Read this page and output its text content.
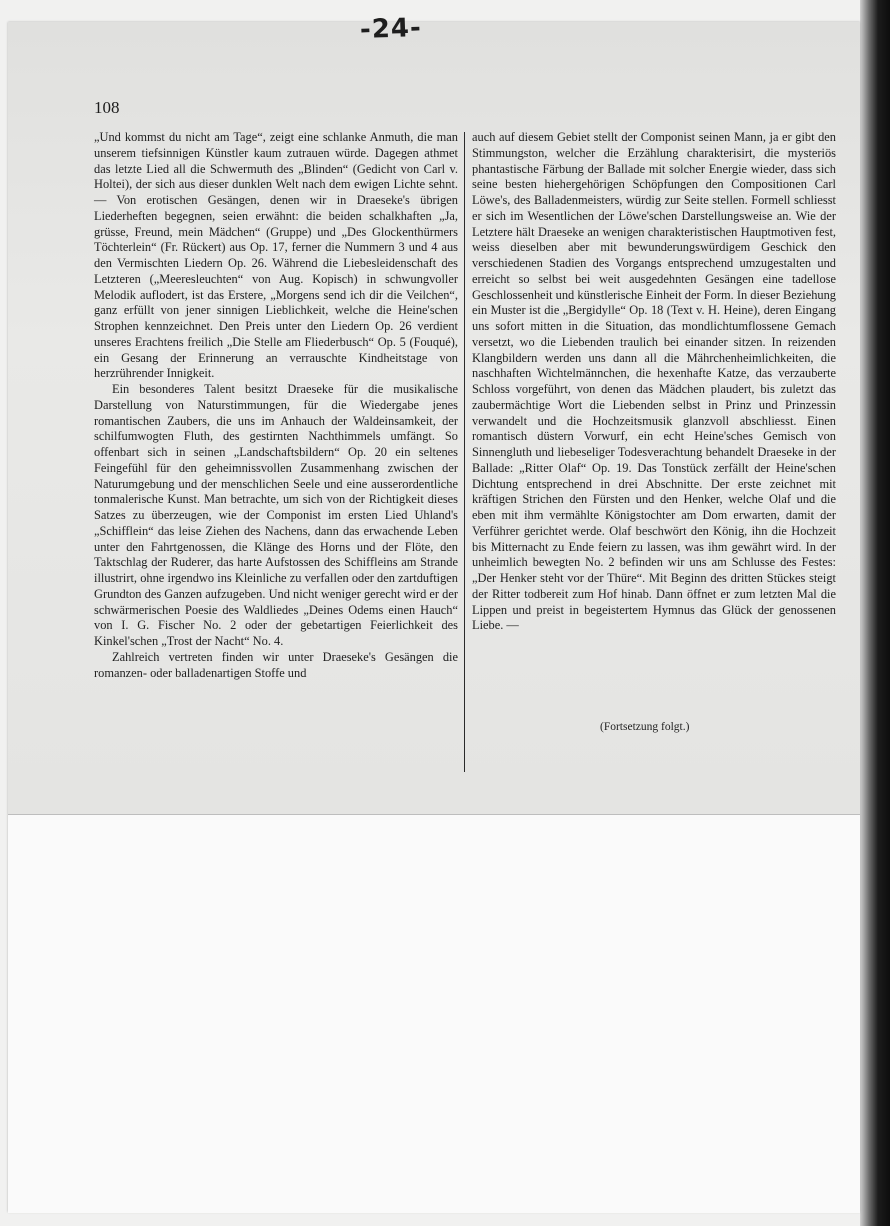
-24-
108

„Und kommst du nicht am Tage“, zeigt eine schlanke Anmuth, die man unserem tiefsinnigen Künstler kaum zutrauen würde. Dagegen athmet das letzte Lied all die Schwermuth des „Blinden“ (Gedicht von Carl v. Holtei), der sich aus dieser dunklen Welt nach dem ewigen Lichte sehnt. — Von erotischen Gesängen, denen wir in Draeseke's übrigen Liederheften begegnen, seien erwähnt: die beiden schalkhaften „Ja, grüsse, Freund, mein Mädchen“ (Gruppe) und „Des Glockenthürmers Töchterlein“ (Fr. Rückert) aus Op. 17, ferner die Nummern 3 und 4 aus den Vermischten Liedern Op. 26. Während die Liebesleidenschaft des Letzteren („Meeresleuchten“ von Aug. Kopisch) in schwungvoller Melodik auflodert, ist das Erstere, „Morgens send ich dir die Veilchen“, ganz erfüllt von jener sinnigen Lieblichkeit, welche die Heine'schen Strophen kennzeichnet. Den Preis unter den Liedern Op. 26 verdient unseres Erachtens freilich „Die Stelle am Fliederbusch“ Op. 5 (Fouqué), ein Gesang der Erinnerung an verrauschte Kindheitstage von herzrührender Innigkeit.

Ein besonderes Talent besitzt Draeseke für die musikalische Darstellung von Naturstimmungen, für die Wiedergabe jenes romantischen Zaubers, die uns im Anhauch der Waldeinsamkeit, der schilfumwogten Fluth, des gestirnten Nachthimmels umfängt. So offenbart sich in seinen „Landschaftsbildern“ Op. 20 ein seltenes Feingefühl für den geheimnissvollen Zusammenhang zwischen der Naturumgebung und der menschlichen Seele und eine ausserordentliche tonmalerische Kunst. Man betrachte, um sich von der Richtigkeit dieses Satzes zu überzeugen, wie der Componist im ersten Lied Uhland's „Schifflein“ das leise Ziehen des Nachens, dann das erwachende Leben unter den Fahrtgenossen, die Klänge des Horns und der Flöte, den Taktschlag der Ruderer, das harte Aufstossen des Schiffleins am Strande illustrirt, ohne irgendwo ins Kleinliche zu verfallen oder den zartduftigen Grundton des Ganzen aufzugeben. Und nicht weniger gerecht wird er der schwärmerischen Poesie des Waldliedes „Deines Odems einen Hauch“ von I. G. Fischer No. 2 oder der gebetartigen Feierlichkeit des Kinkel'schen „Trost der Nacht“ No. 4.

Zahlreich vertreten finden wir unter Draeseke's Gesängen die romanzen- oder balladenartigen Stoffe und

auch auf diesem Gebiet stellt der Componist seinen Mann, ja er gibt den Stimmungston, welcher die Erzählung charakterisirt, die mysteriös phantastische Färbung der Ballade mit solcher Energie wieder, dass sich seine besten hiehergehörigen Schöpfungen den Compositionen Carl Löwe's, des Balladenmeisters, würdig zur Seite stellen. Formell schliesst er sich im Wesentlichen der Löwe'schen Darstellungsweise an. Wie der Letztere hält Draeseke an wenigen charakteristischen Hauptmotiven fest, weiss dieselben aber mit bewunderungswürdigem Geschick den verschiedenen Stadien des Vorgangs entsprechend umzugestalten und erreicht so selbst bei weit ausgedehnten Gesängen eine tadellose Geschlossenheit und künstlerische Einheit der Form. In dieser Beziehung ein Muster ist die „Bergidylle“ Op. 18 (Text v. H. Heine), deren Eingang uns sofort mitten in die Situation, das mondlichtumflossene Gemach versetzt, wo die Liebenden traulich bei einander sitzen. In reizenden Klangbildern werden uns dann all die Mährchenheimlichkeiten, die naschhaften Wichtelmännchen, die hexenhafte Katze, das verzauberte Schloss vorgeführt, von denen das Mädchen plaudert, bis zuletzt das zaubermächtige Wort die Liebenden selbst in Prinz und Prinzessin verwandelt und die Hochzeitsmusik glanzvoll abschliesst. Einen romantisch düstern Vorwurf, ein echt Heine'sches Gemisch von Sinnengluth und liebeseliger Todesverachtung behandelt Draeseke in der Ballade: „Ritter Olaf“ Op. 19. Das Tonstück zerfällt der Heine'schen Dichtung entsprechend in drei Abschnitte. Der erste zeichnet mit kräftigen Strichen den Fürsten und den Henker, welche Olaf und die eben mit ihm vermählte Königstochter am Dom erwarten, damit der Verführer gerichtet werde. Olaf beschwört den König, ihn die Hochzeit bis Mitternacht zu Ende feiern zu lassen, was ihm gewährt wird. In der unheimlich bewegten No. 2 befinden wir uns am Schlusse des Festes: „Der Henker steht vor der Thüre“. Mit Beginn des dritten Stückes steigt der Ritter todbereit zum Hof hinab. Dann öffnet er zum letzten Mal die Lippen und preist in begeistertem Hymnus das Glück der genossenen Liebe. —

(Fortsetzung folgt.)
